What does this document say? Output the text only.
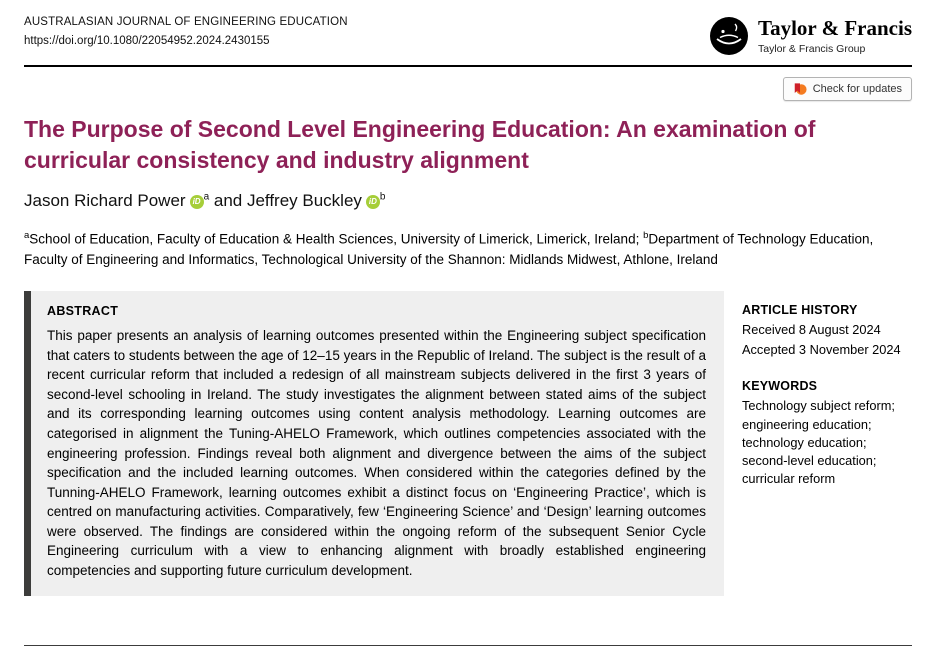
AUSTRALASIAN JOURNAL OF ENGINEERING EDUCATION
https://doi.org/10.1080/22054952.2024.2430155
Taylor & Francis
Taylor & Francis Group
Check for updates
The Purpose of Second Level Engineering Education: An examination of curricular consistency and industry alignment
Jason Richard Power iD $^a$ and Jeffrey Buckley iD $^b$

$^a$School of Education, Faculty of Education & Health Sciences, University of Limerick, Limerick, Ireland; $^b$Department of Technology Education, Faculty of Engineering and Informatics, Technological University of the Shannon: Midlands Midwest, Athlone, Ireland

ABSTRACT

This paper presents an analysis of learning outcomes presented within the Engineering subject specification that caters to students between the age of 12–15 years in the Republic of Ireland. The subject is the result of a recent curricular reform that included a redesign of all mainstream subjects delivered in the first 3 years of second-level schooling in Ireland. The study investigates the alignment between stated aims of the subject and its corresponding learning outcomes using content analysis methodology. Learning outcomes are categorised in alignment the Tuning-AHELO Framework, which outlines competencies associated with the engineering profession. Findings reveal both alignment and divergence between the aims of the subject specification and the included learning outcomes. When considered within the categories defined by the Tunning-AHELO Framework, learning outcomes exhibit a distinct focus on ‘Engineering Practice’, which is centred on manufacturing activities. Comparatively, few ‘Engineering Science’ and ‘Design’ learning outcomes were observed. The findings are considered within the ongoing reform of the subsequent Senior Cycle Engineering curriculum with a view to enhancing alignment with broadly established engineering competencies and supporting future curriculum development.

ARTICLE HISTORY

Received 8 August 2024

Accepted 3 November 2024

KEYWORDS

Technology subject reform; engineering education; technology education; second-level education; curricular reform
